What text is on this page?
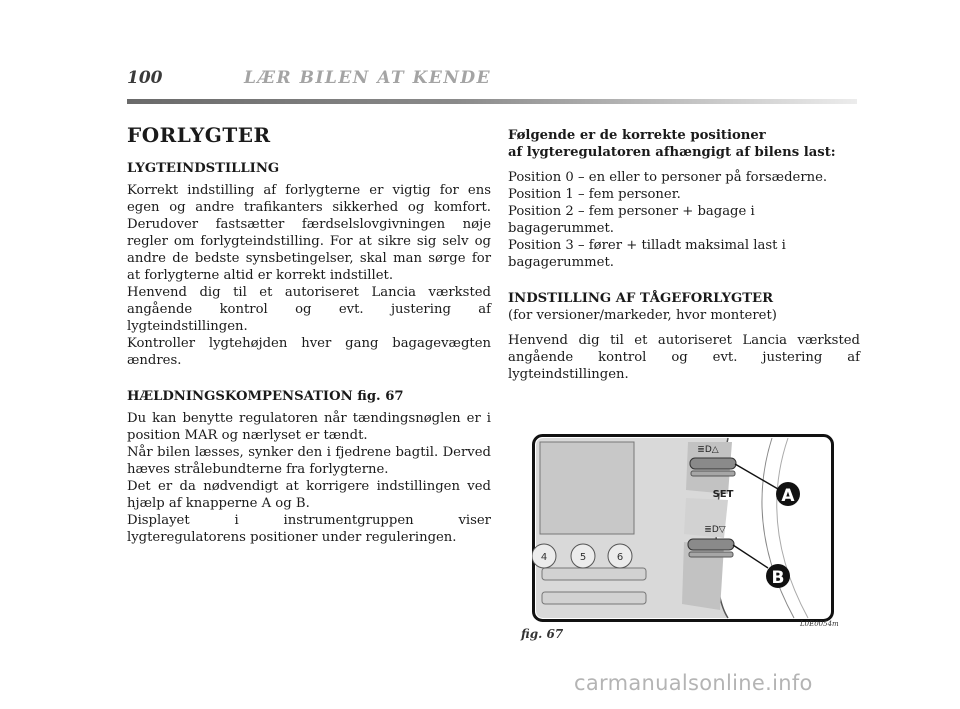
100	LÆR BILEN AT KENDE
FORLYGTER
LYGTEINDSTILLING

Korrekt indstilling af forlygterne er vigtig for ens egen og andre trafikanters sikkerhed og komfort. Derudover fastsætter færdselslovgivningen nøje regler om forlygteindstilling. For at sikre sig selv og andre de bedste synsbetingelser, skal man sørge for at forlygterne altid er korrekt indstillet.

Henvend dig til et autoriseret Lancia værksted angående kontrol og evt. justering af lygteindstillingen.

Kontroller lygtehøjden hver gang bagagevægten ændres.

HÆLDNINGSKOMPENSATION fig. 67

Du kan benytte regulatoren når tændingsnøglen er i position MAR og nærlyset er tændt.

Når bilen læsses, synker den i fjedrene bagtil. Derved hæves strålebundterne fra forlygterne.

Det er da nødvendigt at korrigere indstillingen ved hjælp af knapperne A og B.

Displayet i instrumentgruppen viser lygteregulatorens positioner under reguleringen.

Følgende er de korrekte positioner
af lygteregulatoren afhængigt af bilens last:
Position 0 – en eller to personer på forsæderne.
Position 1 – fem personer.
Position 2 – fem personer + bagage i bagagerummet.
Position 3 – fører + tilladt maksimal last i bagagerummet.
INDSTILLING AF TÅGEFORLYGTER
(for versioner/markeder, hvor monteret)

Henvend dig til et autoriseret Lancia værksted angående kontrol og evt. justering af lygteindstillingen.

4	5	6
≣D△
SET
≣D▽
A
B
fig. 67
L0E0054m
carmanualsonline.info
